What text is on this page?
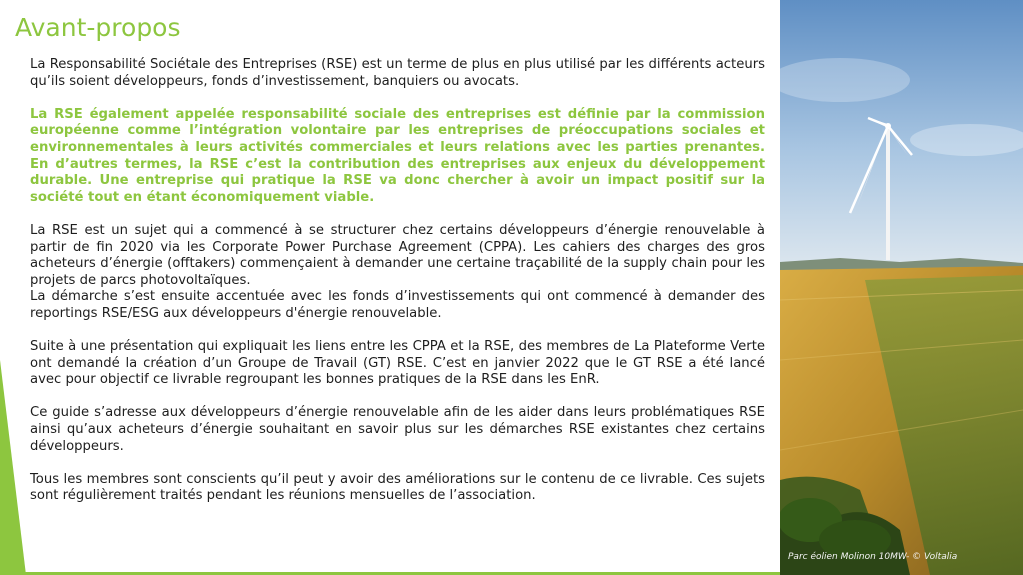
Avant-propos

La Responsabilité Sociétale des Entreprises (RSE) est un terme de plus en plus utilisé par les différents acteurs qu’ils soient développeurs, fonds d’investissement, banquiers ou avocats.

La RSE également appelée responsabilité sociale des entreprises est définie par la commission européenne comme l’intégration volontaire par les entreprises de préoccupations sociales et environnementales à leurs activités commerciales et leurs relations avec les parties prenantes. En d’autres termes, la RSE c’est la contribution des entreprises aux enjeux du développement durable. Une entreprise qui pratique la RSE va donc chercher à avoir un impact positif sur la société tout en étant économiquement viable.

La RSE est un sujet qui a commencé à se structurer chez certains développeurs d’énergie renouvelable à partir de fin 2020 via les Corporate Power Purchase Agreement (CPPA). Les cahiers des charges des gros acheteurs d’énergie (offtakers) commençaient à demander une certaine traçabilité de la supply chain pour les projets de parcs photovoltaïques.

La démarche s’est ensuite accentuée avec les fonds d’investissements qui ont commencé à demander des reportings RSE/ESG aux développeurs d'énergie renouvelable.

Suite à une présentation qui expliquait les liens entre les CPPA et la RSE, des membres de La Plateforme Verte ont demandé la création d’un Groupe de Travail (GT) RSE. C’est en janvier 2022 que le GT RSE a été lancé avec pour objectif ce livrable regroupant les bonnes pratiques de la RSE dans les EnR.

Ce guide s’adresse aux développeurs d’énergie renouvelable afin de les aider dans leurs problématiques RSE ainsi qu’aux acheteurs d’énergie souhaitant en savoir plus sur les démarches RSE existantes chez certains développeurs.

Tous les membres sont conscients qu’il peut y avoir des améliorations sur le contenu de ce livrable. Ces sujets sont régulièrement traités pendant les réunions mensuelles de l’association.

Parc éolien Molinon 10MW- © Voltalia
